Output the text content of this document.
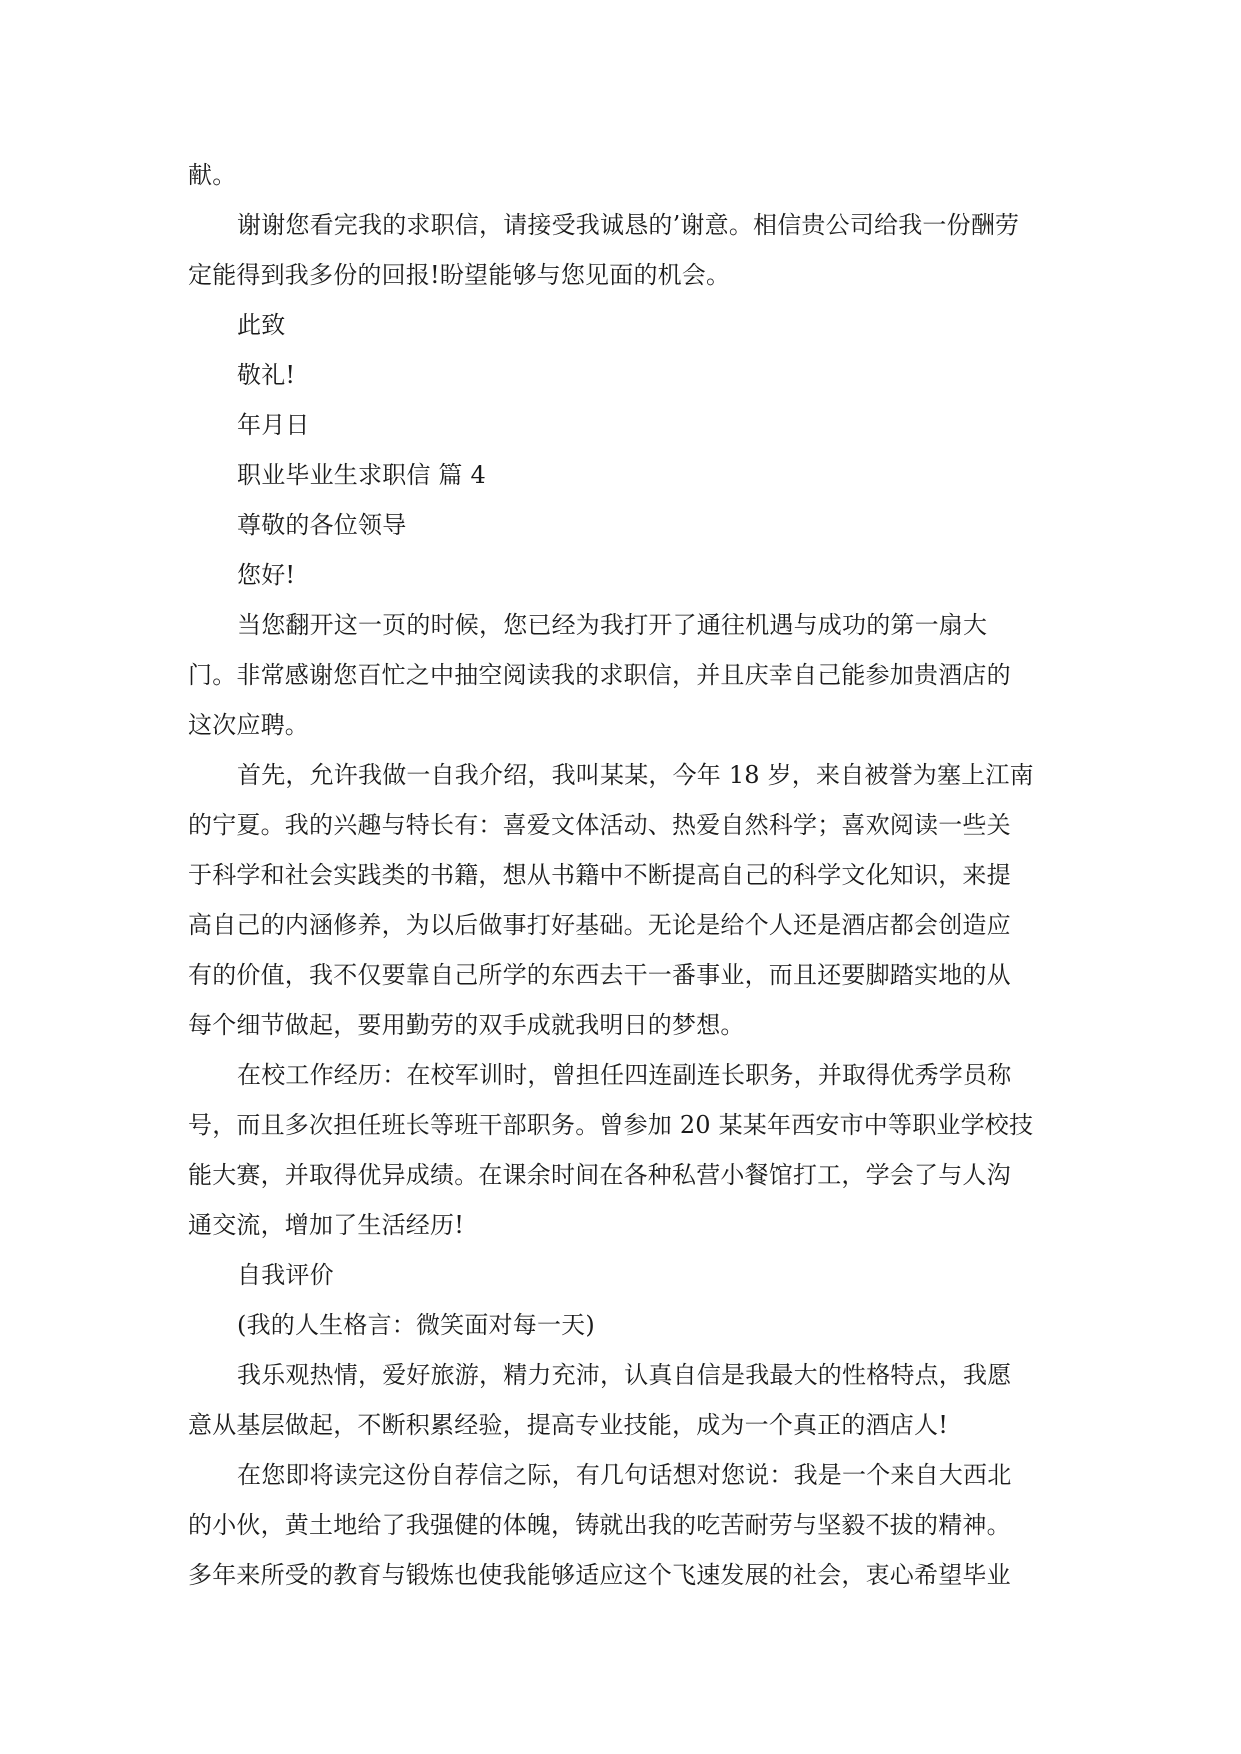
献。
谢谢您看完我的求职信，请接受我诚恳的’谢意。相信贵公司给我一份酬劳
定能得到我多份的回报!盼望能够与您见面的机会。
此致
敬礼!
年月日
职业毕业生求职信 篇 4
尊敬的各位领导
您好!
当您翻开这一页的时候，您已经为我打开了通往机遇与成功的第一扇大
门。非常感谢您百忙之中抽空阅读我的求职信，并且庆幸自己能参加贵酒店的
这次应聘。
首先，允许我做一自我介绍，我叫某某，今年 18 岁，来自被誉为塞上江南
的宁夏。我的兴趣与特长有：喜爱文体活动、热爱自然科学；喜欢阅读一些关
于科学和社会实践类的书籍，想从书籍中不断提高自己的科学文化知识，来提
高自己的内涵修养，为以后做事打好基础。无论是给个人还是酒店都会创造应
有的价值，我不仅要靠自己所学的东西去干一番事业，而且还要脚踏实地的从
每个细节做起，要用勤劳的双手成就我明日的梦想。
在校工作经历：在校军训时，曾担任四连副连长职务，并取得优秀学员称
号，而且多次担任班长等班干部职务。曾参加 20 某某年西安市中等职业学校技
能大赛，并取得优异成绩。在课余时间在各种私营小餐馆打工，学会了与人沟
通交流，增加了生活经历!
自我评价
(我的人生格言：微笑面对每一天)
我乐观热情，爱好旅游，精力充沛，认真自信是我最大的性格特点，我愿
意从基层做起，不断积累经验，提高专业技能，成为一个真正的酒店人!
在您即将读完这份自荐信之际，有几句话想对您说：我是一个来自大西北
的小伙，黄土地给了我强健的体魄，铸就出我的吃苦耐劳与坚毅不拔的精神。
多年来所受的教育与锻炼也使我能够适应这个飞速发展的社会，衷心希望毕业
